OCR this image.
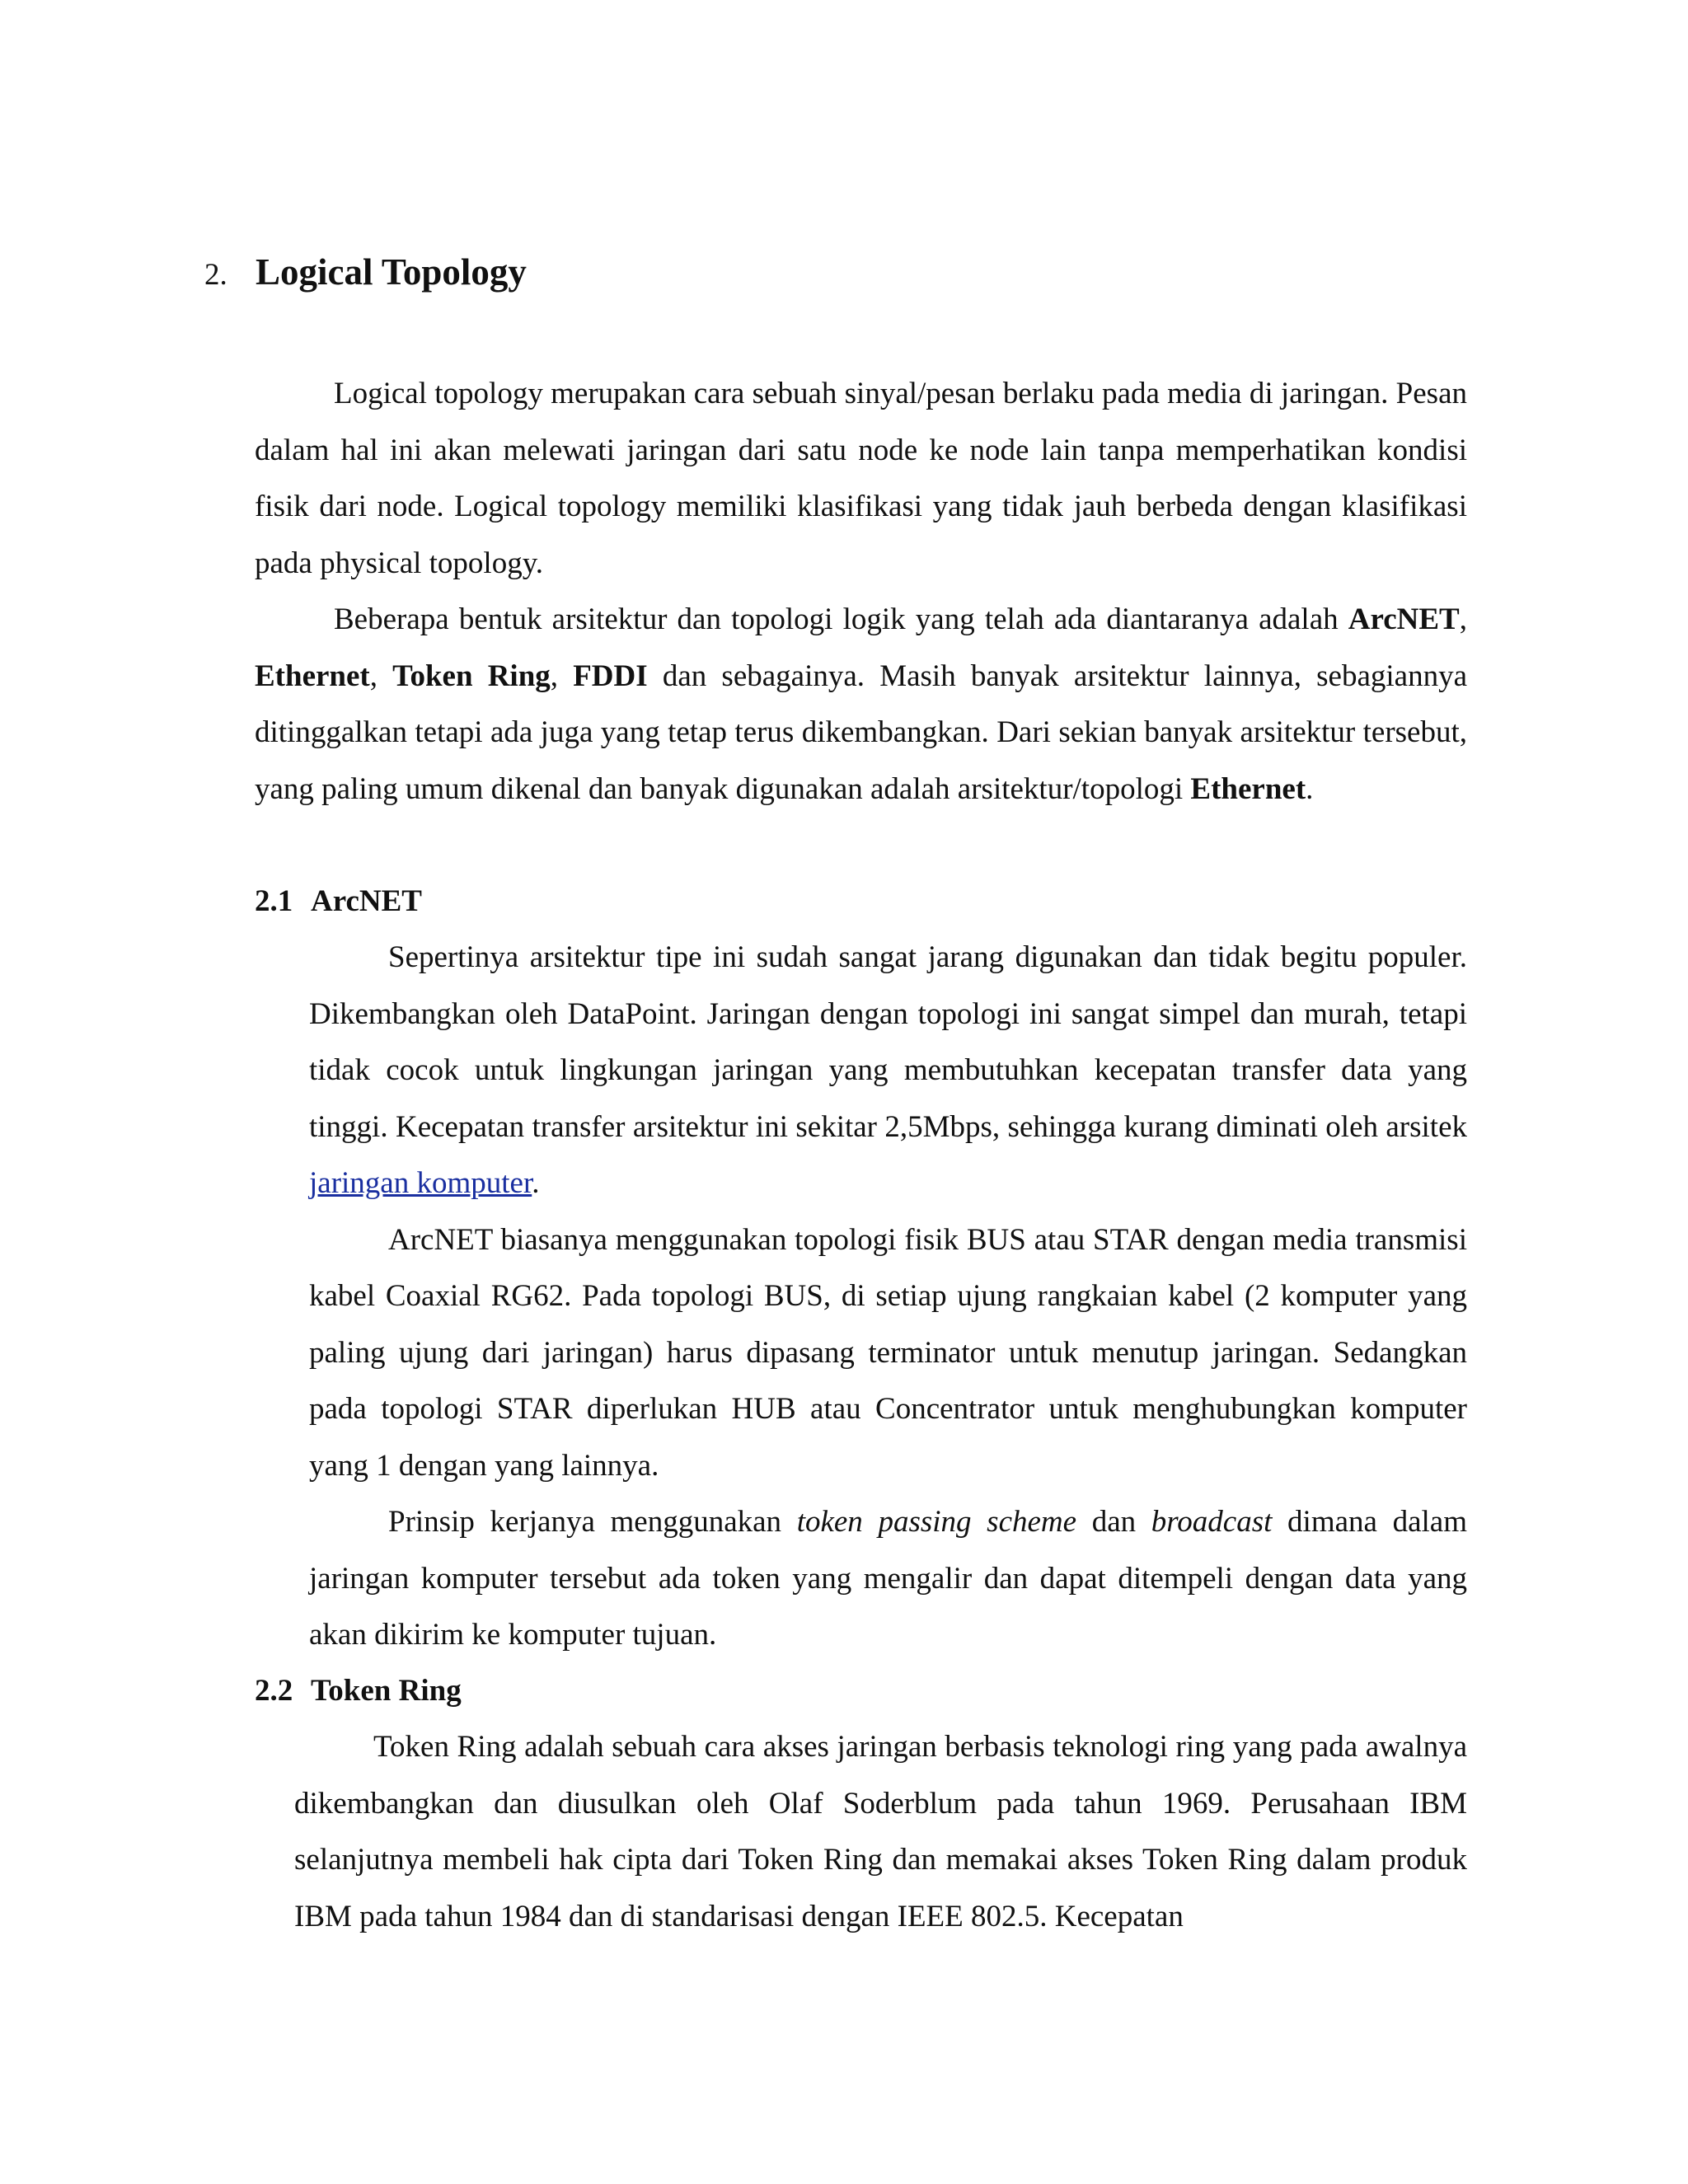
2. Logical Topology

Logical topology merupakan cara sebuah sinyal/pesan berlaku pada media di jaringan. Pesan dalam hal ini akan melewati jaringan dari satu node ke node lain tanpa memperhatikan kondisi fisik dari node. Logical topology memiliki klasifikasi yang tidak jauh berbeda dengan klasifikasi pada physical topology.

Beberapa bentuk arsitektur dan topologi logik yang telah ada diantaranya adalah ArcNET, Ethernet, Token Ring, FDDI dan sebagainya. Masih banyak arsitektur lainnya, sebagiannya ditinggalkan tetapi ada juga yang tetap terus dikembangkan. Dari sekian banyak arsitektur tersebut, yang paling umum dikenal dan banyak digunakan adalah arsitektur/topologi Ethernet.

2.1 ArcNET

Sepertinya arsitektur tipe ini sudah sangat jarang digunakan dan tidak begitu populer. Dikembangkan oleh DataPoint. Jaringan dengan topologi ini sangat simpel dan murah, tetapi tidak cocok untuk lingkungan jaringan yang membutuhkan kecepatan transfer data yang tinggi. Kecepatan transfer arsitektur ini sekitar 2,5Mbps, sehingga kurang diminati oleh arsitek jaringan komputer.

ArcNET biasanya menggunakan topologi fisik BUS atau STAR dengan media transmisi kabel Coaxial RG62. Pada topologi BUS, di setiap ujung rangkaian kabel (2 komputer yang paling ujung dari jaringan) harus dipasang terminator untuk menutup jaringan. Sedangkan pada topologi STAR diperlukan HUB atau Concentrator untuk menghubungkan komputer yang 1 dengan yang lainnya.

Prinsip kerjanya menggunakan token passing scheme dan broadcast dimana dalam jaringan komputer tersebut ada token yang mengalir dan dapat ditempeli dengan data yang akan dikirim ke komputer tujuan.

2.2 Token Ring

Token Ring adalah sebuah cara akses jaringan berbasis teknologi ring yang pada awalnya dikembangkan dan diusulkan oleh Olaf Soderblum pada tahun 1969. Perusahaan IBM selanjutnya membeli hak cipta dari Token Ring dan memakai akses Token Ring dalam produk IBM pada tahun 1984 dan di standarisasi dengan IEEE 802.5. Kecepatan
